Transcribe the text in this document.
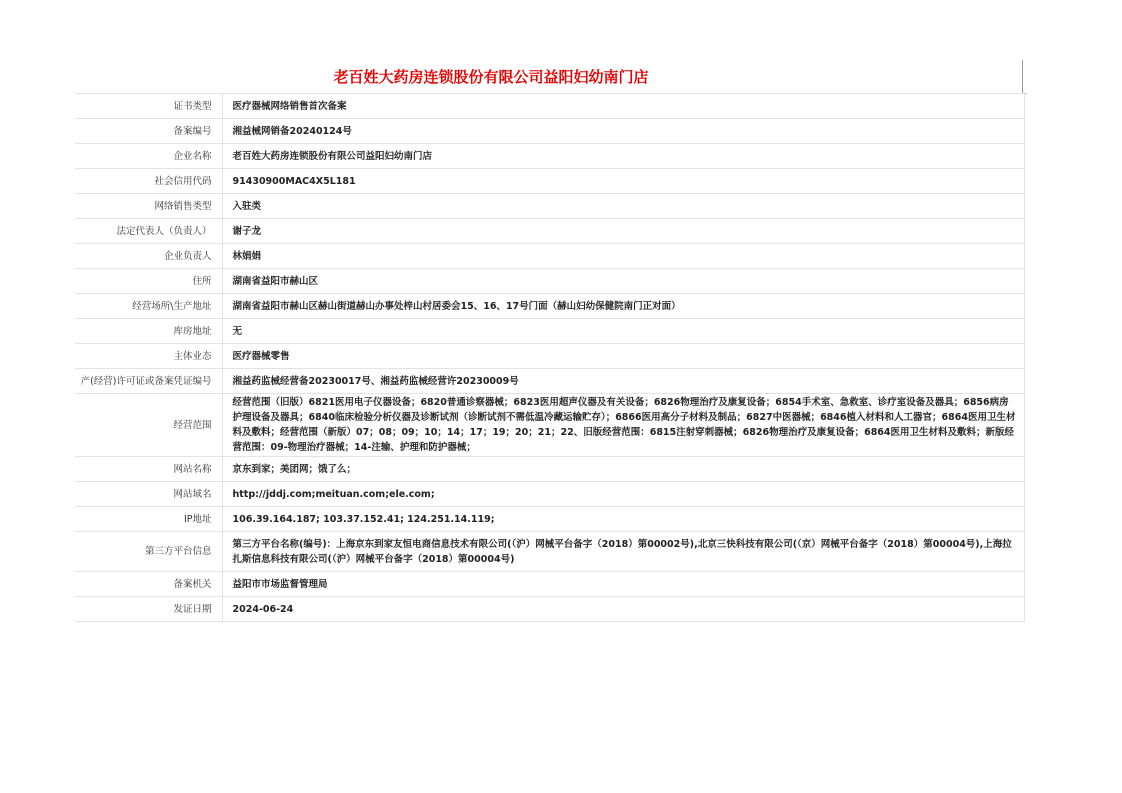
老百姓大药房连锁股份有限公司益阳妇幼南门店
证书类型	医疗器械网络销售首次备案

备案编号	湘益械网销备20240124号

企业名称	老百姓大药房连锁股份有限公司益阳妇幼南门店

社会信用代码	91430900MAC4X5L181

网络销售类型	入驻类

法定代表人（负责人）	谢子龙

企业负责人	林娟娟

住所	湖南省益阳市赫山区

经营场所\生产地址	湖南省益阳市赫山区赫山街道赫山办事处梓山村居委会15、16、17号门面（赫山妇幼保健院南门正对面）

库房地址	无

主体业态	医疗器械零售

产(经营)许可证或备案凭证编号	湘益药监械经营备20230017号、湘益药监械经营许20230009号

经营范围	经营范围（旧版）6821医用电子仪器设备；6820普通诊察器械；6823医用超声仪器及有关设备；6826物理治疗及康复设备；6854手术室、急救室、诊疗室设备及器具；6856病房护理设备及器具；6840临床检验分析仪器及诊断试剂（诊断试剂不需低温冷藏运输贮存）；6866医用高分子材料及制品；6827中医器械；6846植入材料和人工器官；6864医用卫生材料及敷料；经营范围（新版）07；08；09；10；14；17；19；20；21；22、旧版经营范围：6815注射穿刺器械；6826物理治疗及康复设备；6864医用卫生材料及敷料；新版经营范围：09-物理治疗器械；14-注输、护理和防护器械；

网站名称	京东到家；美团网；饿了么；

网站域名	http://jddj.com;meituan.com;ele.com;

IP地址	106.39.164.187; 103.37.152.41; 124.251.14.119;

第三方平台信息	第三方平台名称(编号)：上海京东到家友恒电商信息技术有限公司(（沪）网械平台备字（2018）第00002号),北京三快科技有限公司(（京）网械平台备字（2018）第00004号),上海拉扎斯信息科技有限公司(（沪）网械平台备字（2018）第00004号)

备案机关	益阳市市场监督管理局

发证日期	2024-06-24
